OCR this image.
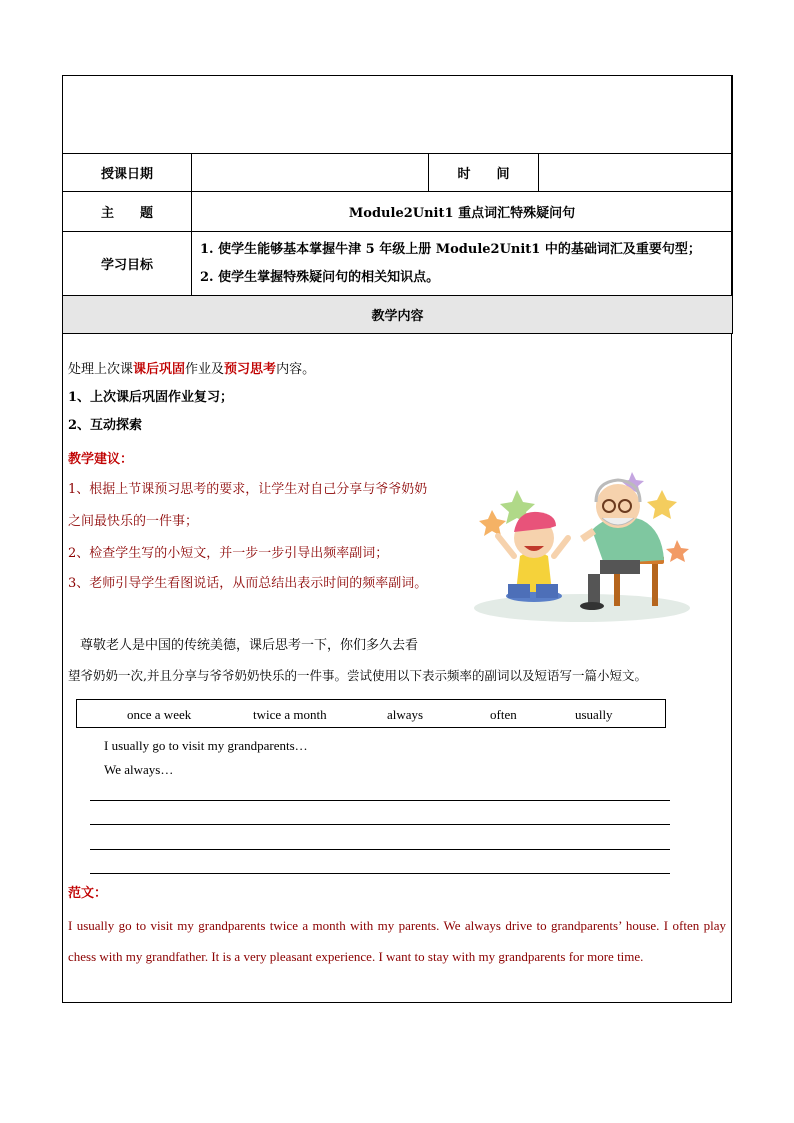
授课日期		时　　间	
主　　题	Module2Unit1 重点词汇特殊疑问句		
学习目标	1. 使学生能够基本掌握牛津 5 年级上册 Module2Unit1 中的基础词汇及重要句型；
2. 使学生掌握特殊疑问句的相关知识点。		

教学内容			
处理上次课课后巩固作业及预习思考内容。
1、上次课后巩固作业复习；
2、互动探索
教学建议：
1、根据上节课预习思考的要求，让学生对自己分享与爷爷奶奶
之间最快乐的一件事；
2、检查学生写的小短文，并一步一步引导出频率副词；
3、老师引导学生看图说话，从而总结出表示时间的频率副词。
尊敬老人是中国的传统美德，课后思考一下，你们多久去看
望爷奶奶一次,并且分享与爷爷奶奶快乐的一件事。尝试使用以下表示频率的副词以及短语写一篇小短文。
once a week	twice a month	always	often	usually
I usually go to visit my grandparents…
We always…
范文：
I usually go to visit my grandparents twice a month with my parents. We always drive to grandparents’ house. I often play chess with my grandfather. It is a very pleasant experience. I want to stay with my grandparents for more time.
